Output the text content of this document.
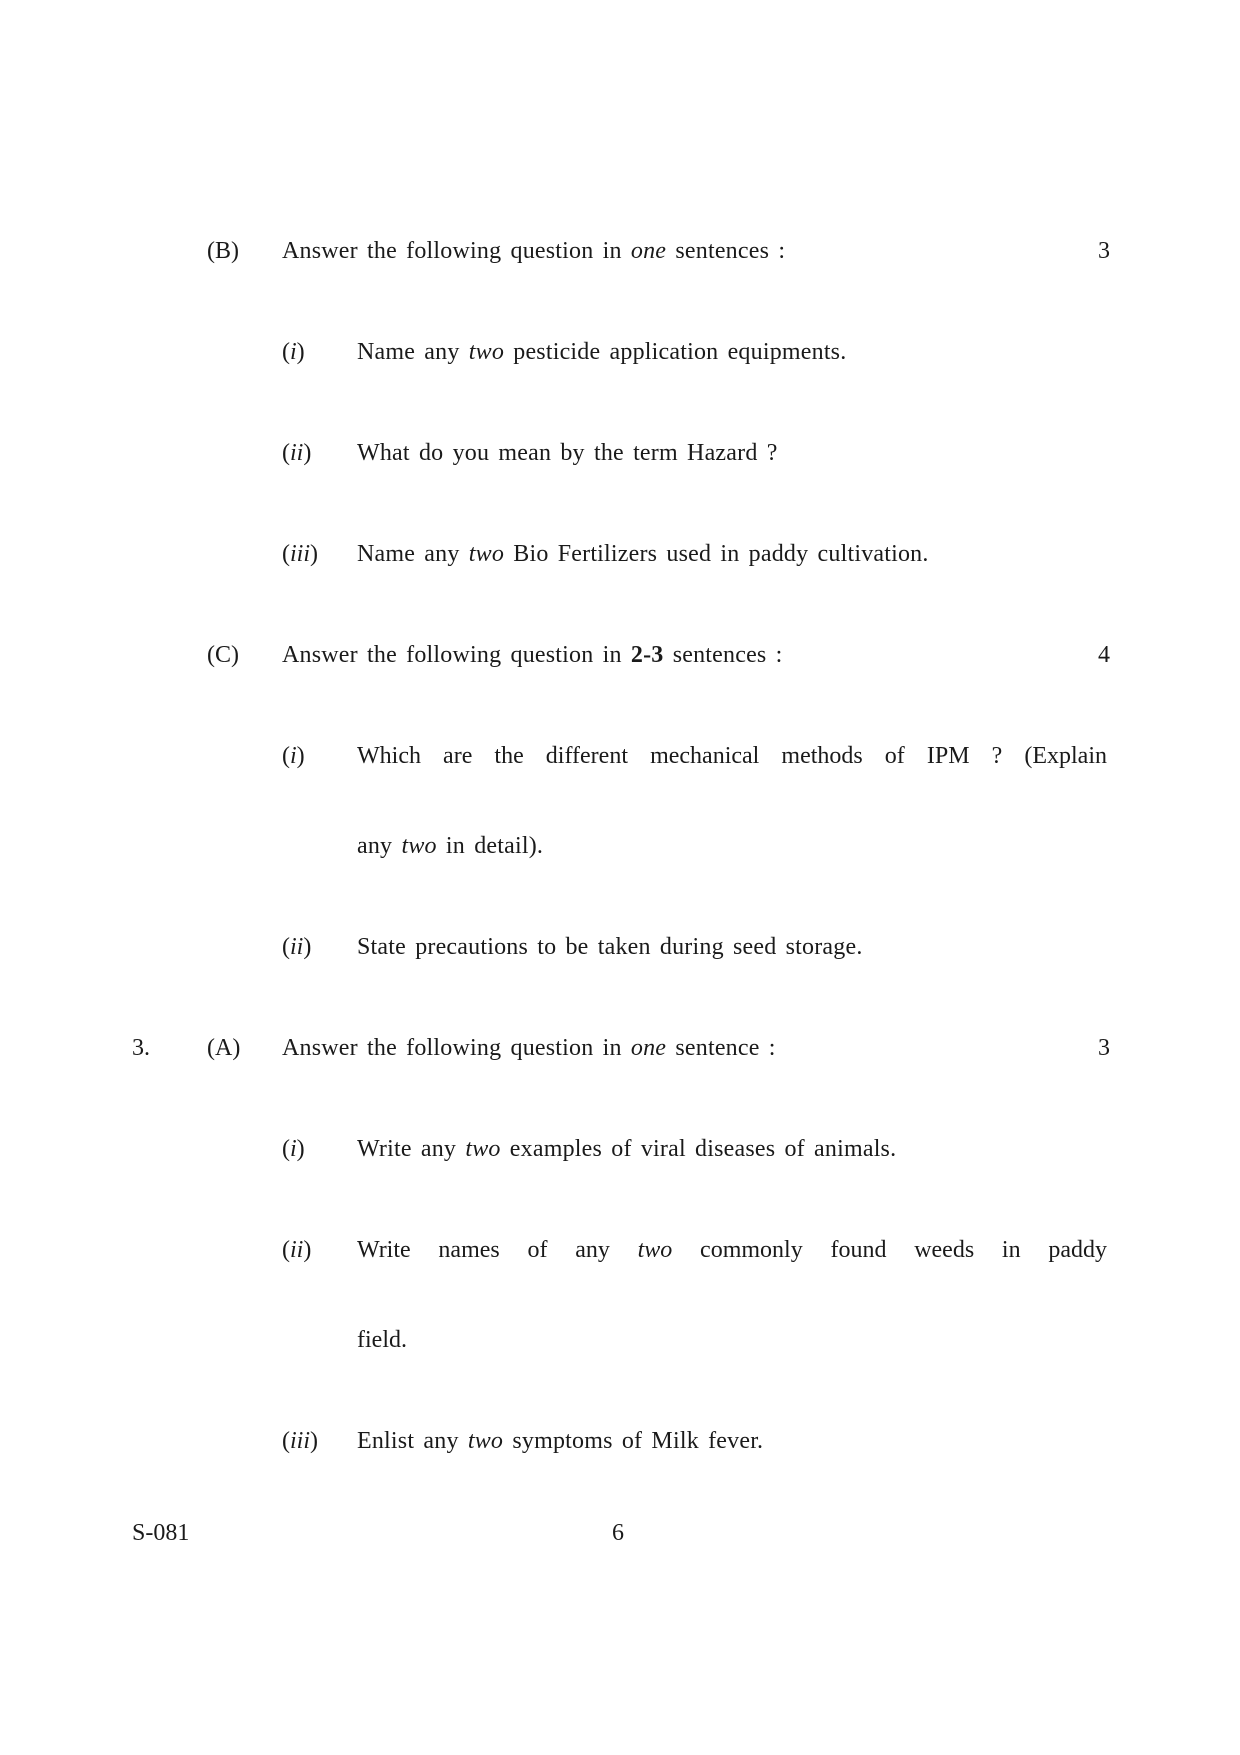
(B) Answer the following question in one sentences :	3
(i) Name any two pesticide application equipments.
(ii) What do you mean by the term Hazard ?
(iii) Name any two Bio Fertilizers used in paddy cultivation.
(C) Answer the following question in 2-3 sentences :	4
(i) Which are the different mechanical methods of IPM ? (Explain
any two in detail).
(ii) State precautions to be taken during seed storage.
3. (A) Answer the following question in one sentence :	3
(i) Write any two examples of viral diseases of animals.
(ii) Write names of any two commonly found weeds in paddy
field.
(iii) Enlist any two symptoms of Milk fever.
S-081	6
